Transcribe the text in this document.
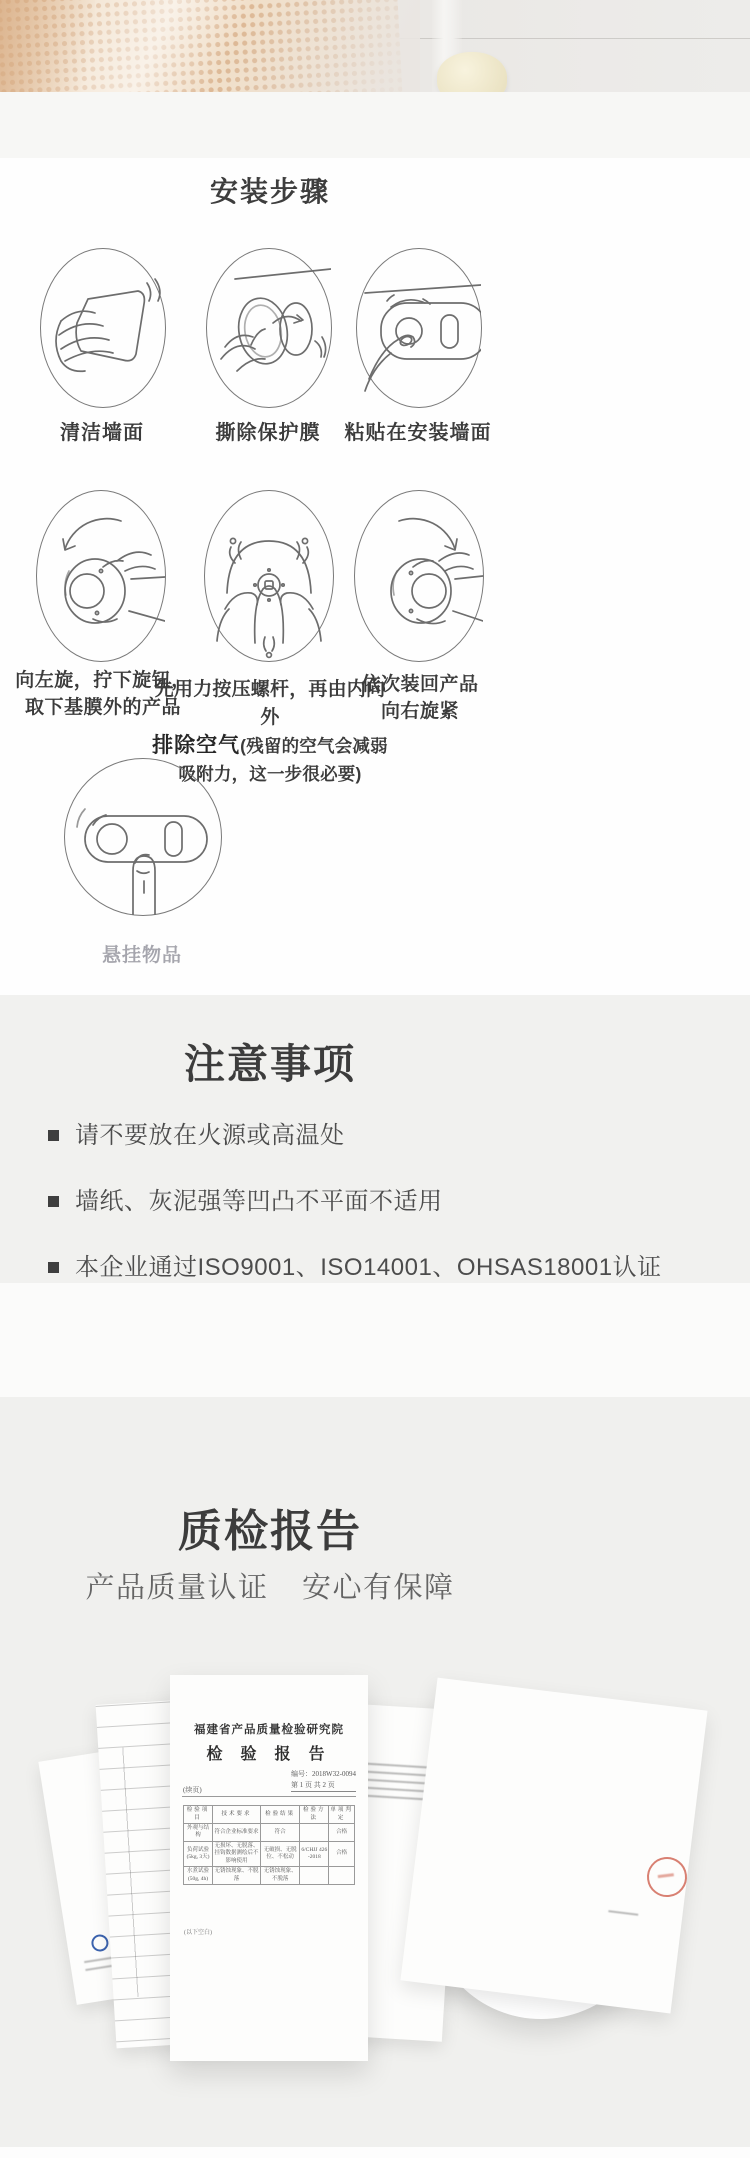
安装步骤
清洁墙面	撕除保护膜	粘贴在安装墙面
向左旋，拧下旋钮，
取下基膜外的产品
先用力按压螺杆，再由内向外
排除空气(残留的空气会减弱
吸附力，这一步很必要)
依次装回产品
向右旋紧
悬挂物品
注意事项
请不要放在火源或高温处
墙纸、灰泥强等凹凸不平面不适用
本企业通过ISO9001、ISO14001、OHSAS18001认证
质检报告
产品质量认证 安心有保障
福建省产品质量检验研究院
检 验 报 告
编号：2018W32-0094
第 1 页 共 2 页
(续页)
检验项目	技术要求	检验结果	检验方法	单项判定
外观与结构	符合企业标准要求	符合		合格
负荷试验 (5kg, 3天)	无损坏、无脱落、挂钩数据测绘后不影响使用	无破损、无脱位、不松动	6/CHJJ 426-2018	合格
水煮试验 (50g, 4h)	无锈蚀现象、不脱落	无锈蚀现象、不脱落		
(以下空白)
